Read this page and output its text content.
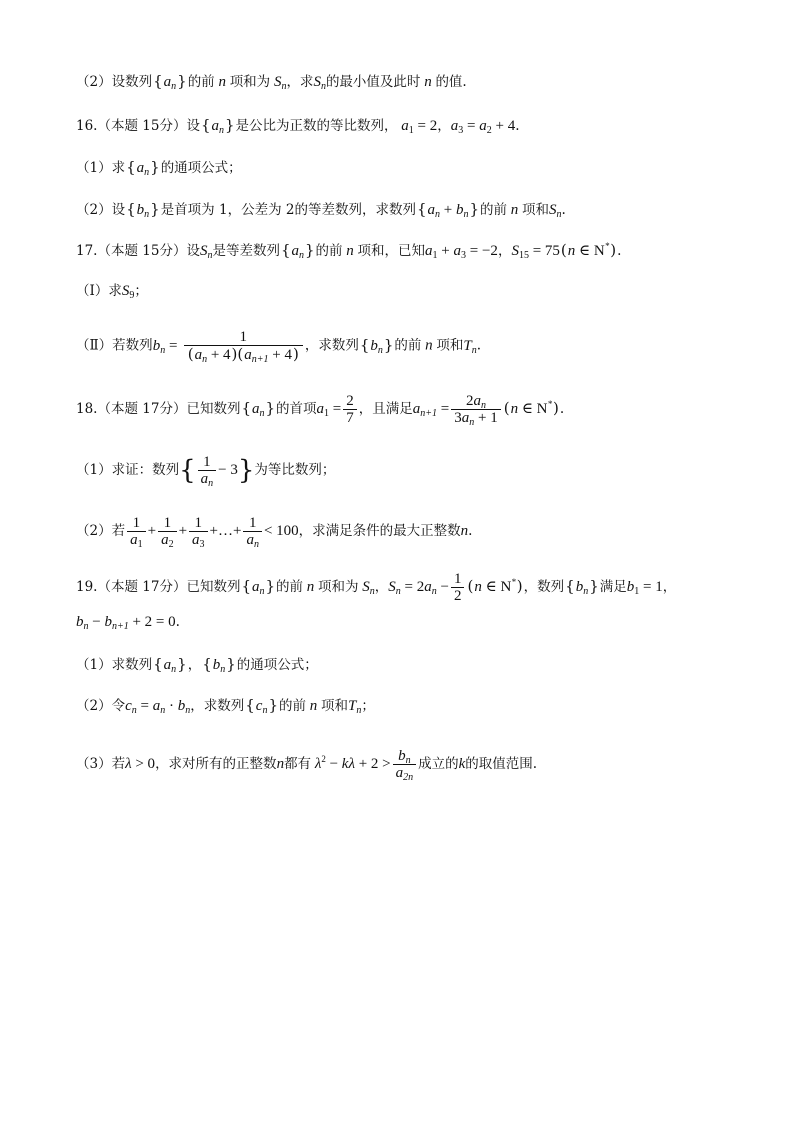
（2）设数列$\{a_n\}$的前 n 项和为 $S_n$，求$S_n$的最小值及此时 n 的值.
16.（本题 15分）设$\{a_n\}$是公比为正数的等比数列， $a_1 = 2$，$a_3 = a_2 + 4$.
（1）求$\{a_n\}$的通项公式；
（2）设$\{b_n\}$是首项为 1，公差为 2的等差数列，求数列$\{a_n + b_n\}$的前 n 项和$S_n$.
17.（本题 15分）设$S_n$是等差数列$\{a_n\}$的前 n 项和，已知$a_1 + a_3 = -2$，$S_{15} = 75(n$ ∈ N*).
（Ⅰ）求$S_9$；
（Ⅱ）若数列$b_n = \frac{1}{(a_n + 4)(a_{n+1} + 4)}$ ，求数列$\{b_n\}$的前 n 项和$T_n$.
18.（本题 17分）已知数列$\{a_n\}$的首项$a_1 = \frac{2}{7}$ ，且满足$a_{n+1} = \frac{2a_n}{3a_n + 1} (n$ ∈ N*).
（1）求证：数列{ $\frac{1}{a_n} - 3$}为等比数列；
（2）若 $\frac{1}{a_1} + \frac{1}{a_2} + \frac{1}{a_3}$ +…+ $\frac{1}{a_n} < 100$，求满足条件的最大正整数n.
19.（本题 17分）已知数列$\{a_n\}$的前 n 项和为 $S_n$，$S_n = 2a_n - \frac{1}{2} (n$ ∈ N*)，数列$\{b_n\}$满足$b_1 = 1$，
$b_n - b_{n+1} + 2 = 0$.
（1）求数列$\{a_n\}$，$\{b_n\}$的通项公式；
（2）令$c_n = a_n \cdot b_n$，求数列$\{c_n\}$的前 n 项和$T_n$；
（3）若λ > 0，求对所有的正整数n都有 $\lambda^2 - k\lambda + 2 > \frac{b_n}{a_{2n}}$ 成立的k的取值范围.
